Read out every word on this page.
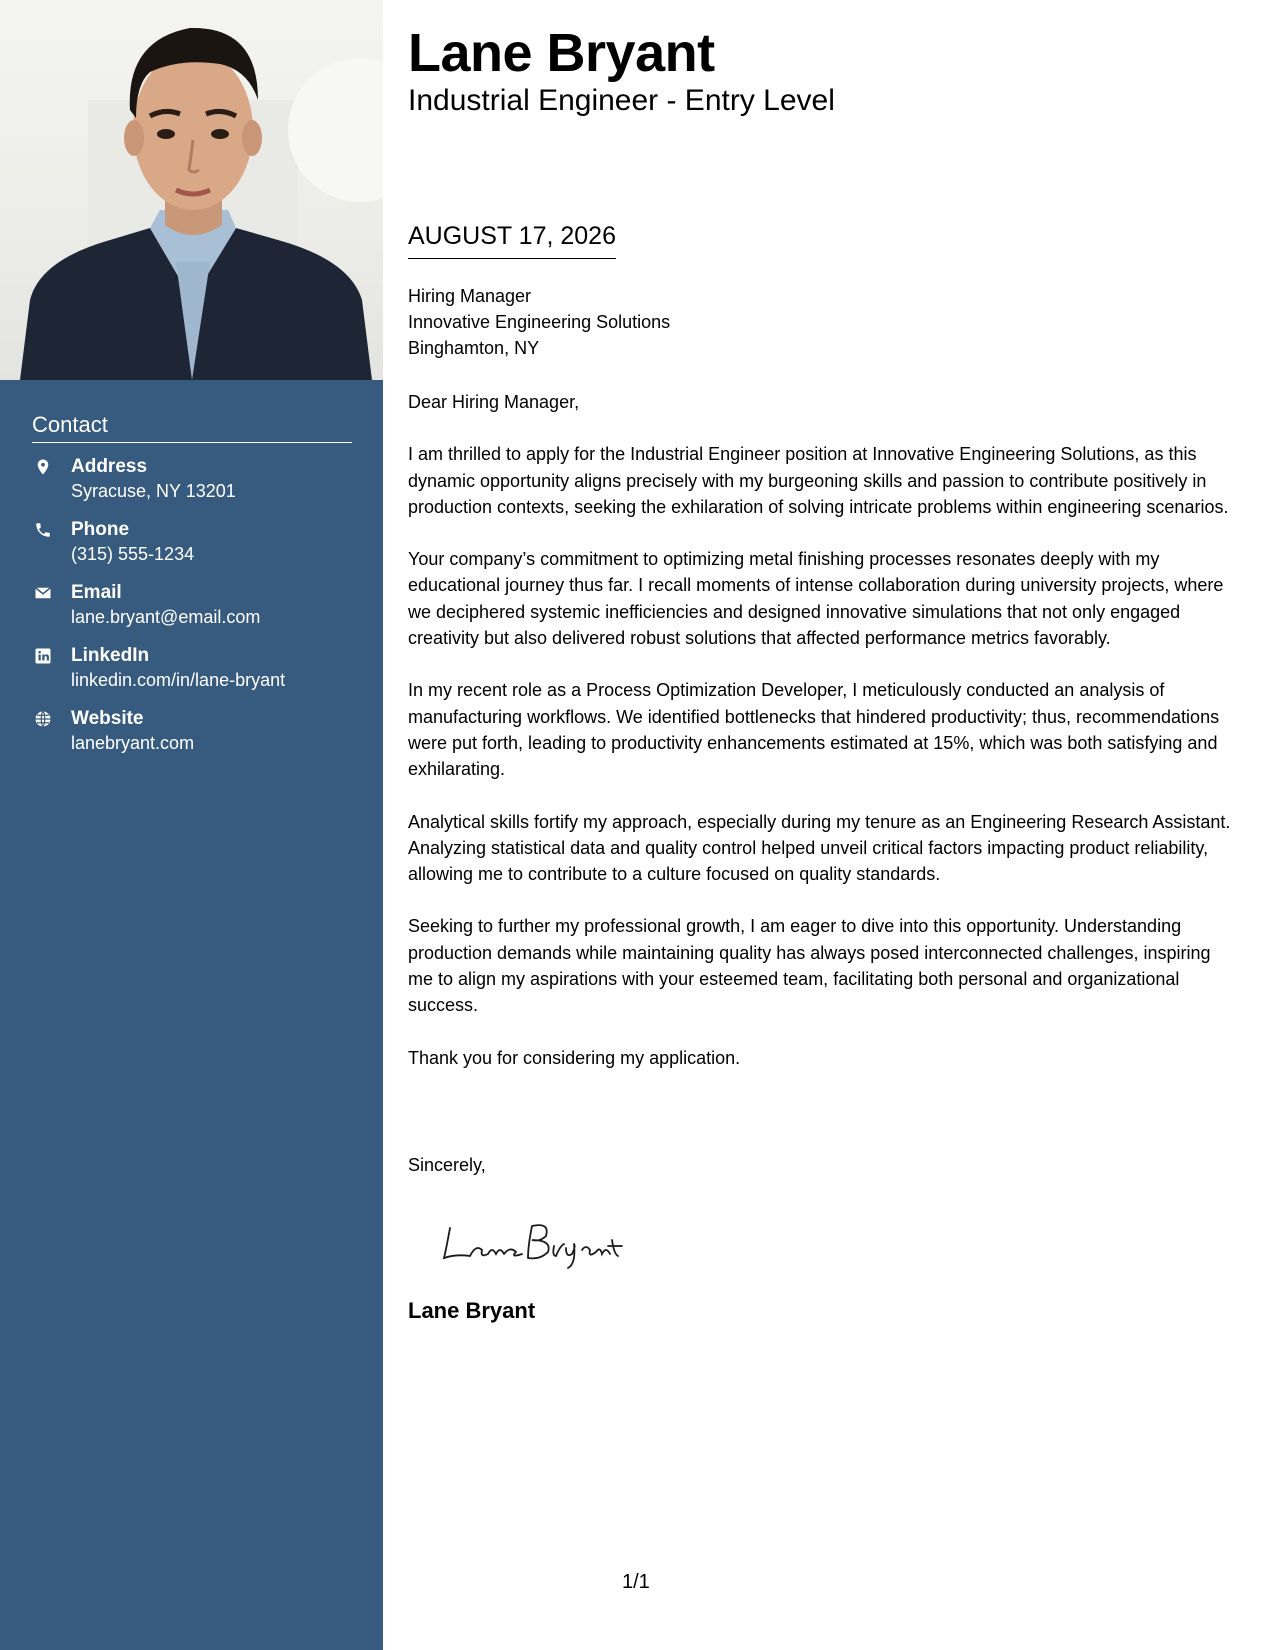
Contact
Address
Syracuse, NY 13201
Phone
(315) 555-1234
Email
lane.bryant@email.com
LinkedIn
linkedin.com/in/lane-bryant
Website
lanebryant.com
Lane Bryant
Industrial Engineer - Entry Level
AUGUST 17, 2026
Hiring Manager
Innovative Engineering Solutions
Binghamton, NY
Dear Hiring Manager,

I am thrilled to apply for the Industrial Engineer position at Innovative Engineering Solutions, as this dynamic opportunity aligns precisely with my burgeoning skills and passion to contribute positively in production contexts, seeking the exhilaration of solving intricate problems within engineering scenarios.

Your company’s commitment to optimizing metal finishing processes resonates deeply with my educational journey thus far. I recall moments of intense collaboration during university projects, where we deciphered systemic inefficiencies and designed innovative simulations that not only engaged creativity but also delivered robust solutions that affected performance metrics favorably.

In my recent role as a Process Optimization Developer, I meticulously conducted an analysis of manufacturing workflows. We identified bottlenecks that hindered productivity; thus, recommendations were put forth, leading to productivity enhancements estimated at 15%, which was both satisfying and exhilarating.

Analytical skills fortify my approach, especially during my tenure as an Engineering Research Assistant. Analyzing statistical data and quality control helped unveil critical factors impacting product reliability, allowing me to contribute to a culture focused on quality standards.

Seeking to further my professional growth, I am eager to dive into this opportunity. Understanding production demands while maintaining quality has always posed interconnected challenges, inspiring me to align my aspirations with your esteemed team, facilitating both personal and organizational success.

Thank you for considering my application.

Sincerely,
Lane Bryant
1/1
